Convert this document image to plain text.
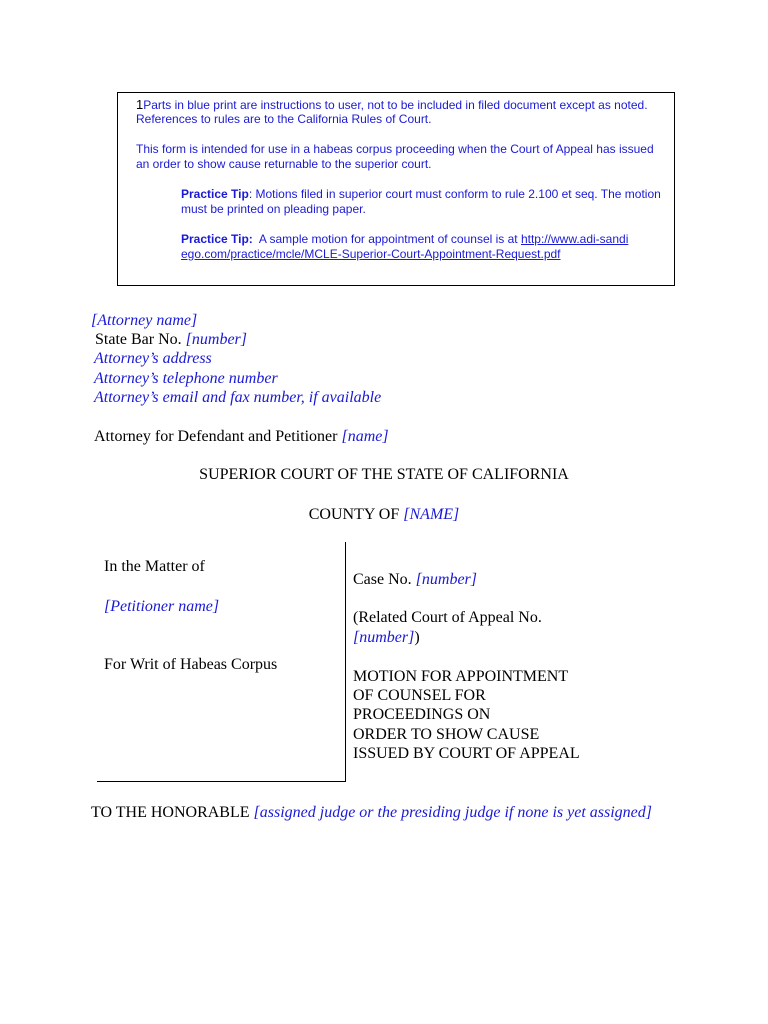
1Parts in blue print are instructions to user, not to be included in filed document except as noted.

References to rules are to the California Rules of Court.

This form is intended for use in a habeas corpus proceeding when the Court of Appeal has issued

an order to show cause returnable to the superior court.

Practice Tip: Motions filed in superior court must conform to rule 2.100 et seq. The motion must be printed on pleading paper.

Practice Tip:  A sample motion for appointment of counsel is at http://www.adi-sandiego.com/practice/mcle/MCLE-Superior-Court-Appointment-Request.pdf

[Attorney name]
State Bar No. [number]
Attorney’s address
Attorney’s telephone number
Attorney’s email and fax number, if available
Attorney for Defendant and Petitioner [name]
SUPERIOR COURT OF THE STATE OF CALIFORNIA
COUNTY OF [NAME]
In the Matter of
[Petitioner name]
For Writ of Habeas Corpus
Case No. [number]
(Related Court of Appeal No.
[number])
MOTION FOR APPOINTMENT
OF COUNSEL FOR
PROCEEDINGS ON
ORDER TO SHOW CAUSE
ISSUED BY COURT OF APPEAL
TO THE HONORABLE [assigned judge or the presiding judge if none is yet assigned]
